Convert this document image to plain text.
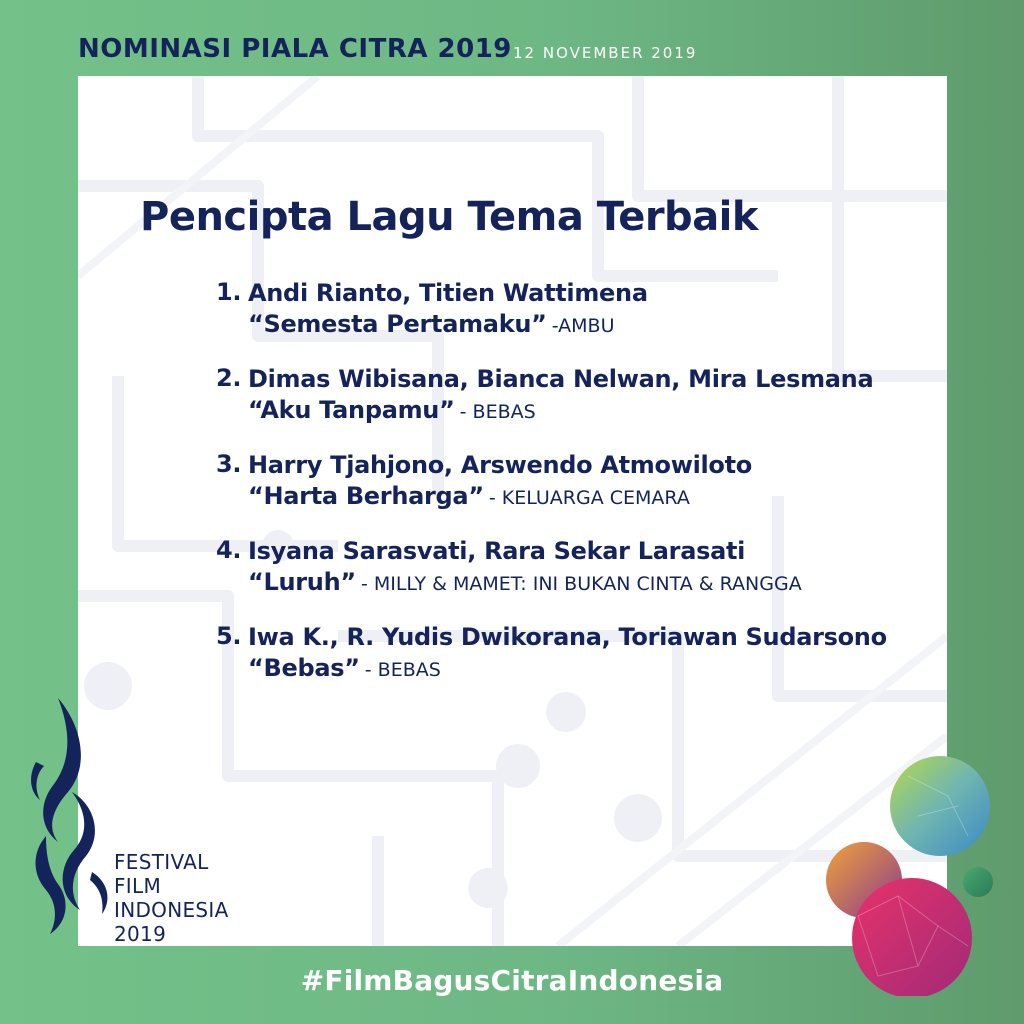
NOMINASI PIALA CITRA 2019 12 NOVEMBER 2019
Pencipta Lagu Tema Terbaik
1. Andi Rianto, Titien Wattimena
“Semesta Pertamaku” -AMBU
2. Dimas Wibisana, Bianca Nelwan, Mira Lesmana
“Aku Tanpamu” - BEBAS
3. Harry Tjahjono, Arswendo Atmowiloto
“Harta Berharga” - KELUARGA CEMARA
4. Isyana Sarasvati, Rara Sekar Larasati
“Luruh” - MILLY & MAMET: INI BUKAN CINTA & RANGGA
5. Iwa K., R. Yudis Dwikorana, Toriawan Sudarsono
“Bebas” - BEBAS
FESTIVAL
FILM
INDONESIA
2019
#FilmBagusCitraIndonesia
